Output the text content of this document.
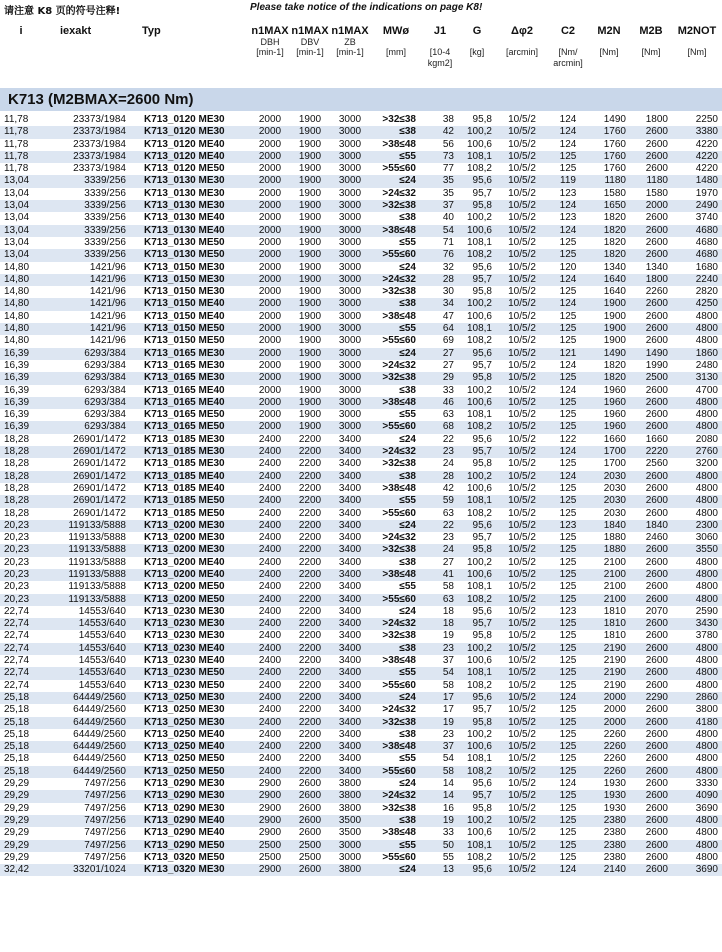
请注意 K8 页的符号注释!	Please take notice of the indications on page K8!
i

	iexakt

	Typ

	n1MAX
DBH
[min-1]

n1MAX
DBV
[min-1]

n1MAX
ZB
[min-1]

MWø

[mm]

J1

[10-4
kgm2]
G

[kg]

Δφ2

[arcmin]

C2

[Nm/
arcmin]
M2N

[Nm]

M2B

[Nm]

M2NOT

[Nm]

K713 (M2BMAX=2600 Nm)
11,78	23373/1984	K713_0120 ME30	2000	1900	3000	>32≤38	38	95,8	10/5/2	124	1490	1800	2250
11,78	23373/1984	K713_0120 ME30	2000	1900	3000	≤38	42	100,2	10/5/2	124	1760	2600	3380
11,78	23373/1984	K713_0120 ME40	2000	1900	3000	>38≤48	56	100,6	10/5/2	124	1760	2600	4220
11,78	23373/1984	K713_0120 ME40	2000	1900	3000	≤55	73	108,1	10/5/2	125	1760	2600	4220
11,78	23373/1984	K713_0120 ME50	2000	1900	3000	>55≤60	77	108,2	10/5/2	125	1760	2600	4220
13,04	3339/256	K713_0130 ME30	2000	1900	3000	≤24	35	95,6	10/5/2	119	1180	1180	1480
13,04	3339/256	K713_0130 ME30	2000	1900	3000	>24≤32	35	95,7	10/5/2	123	1580	1580	1970
13,04	3339/256	K713_0130 ME30	2000	1900	3000	>32≤38	37	95,8	10/5/2	124	1650	2000	2490
13,04	3339/256	K713_0130 ME40	2000	1900	3000	≤38	40	100,2	10/5/2	123	1820	2600	3740
13,04	3339/256	K713_0130 ME40	2000	1900	3000	>38≤48	54	100,6	10/5/2	124	1820	2600	4680
13,04	3339/256	K713_0130 ME50	2000	1900	3000	≤55	71	108,1	10/5/2	125	1820	2600	4680
13,04	3339/256	K713_0130 ME50	2000	1900	3000	>55≤60	76	108,2	10/5/2	125	1820	2600	4680
14,80	1421/96	K713_0150 ME30	2000	1900	3000	≤24	32	95,6	10/5/2	120	1340	1340	1680
14,80	1421/96	K713_0150 ME30	2000	1900	3000	>24≤32	28	95,7	10/5/2	124	1640	1800	2240
14,80	1421/96	K713_0150 ME30	2000	1900	3000	>32≤38	30	95,8	10/5/2	125	1640	2260	2820
14,80	1421/96	K713_0150 ME40	2000	1900	3000	≤38	34	100,2	10/5/2	124	1900	2600	4250
14,80	1421/96	K713_0150 ME40	2000	1900	3000	>38≤48	47	100,6	10/5/2	125	1900	2600	4800
14,80	1421/96	K713_0150 ME50	2000	1900	3000	≤55	64	108,1	10/5/2	125	1900	2600	4800
14,80	1421/96	K713_0150 ME50	2000	1900	3000	>55≤60	69	108,2	10/5/2	125	1900	2600	4800
16,39	6293/384	K713_0165 ME30	2000	1900	3000	≤24	27	95,6	10/5/2	121	1490	1490	1860
16,39	6293/384	K713_0165 ME30	2000	1900	3000	>24≤32	27	95,7	10/5/2	124	1820	1990	2480
16,39	6293/384	K713_0165 ME30	2000	1900	3000	>32≤38	29	95,8	10/5/2	125	1820	2500	3130
16,39	6293/384	K713_0165 ME40	2000	1900	3000	≤38	33	100,2	10/5/2	124	1960	2600	4700
16,39	6293/384	K713_0165 ME40	2000	1900	3000	>38≤48	46	100,6	10/5/2	125	1960	2600	4800
16,39	6293/384	K713_0165 ME50	2000	1900	3000	≤55	63	108,1	10/5/2	125	1960	2600	4800
16,39	6293/384	K713_0165 ME50	2000	1900	3000	>55≤60	68	108,2	10/5/2	125	1960	2600	4800
18,28	26901/1472	K713_0185 ME30	2400	2200	3400	≤24	22	95,6	10/5/2	122	1660	1660	2080
18,28	26901/1472	K713_0185 ME30	2400	2200	3400	>24≤32	23	95,7	10/5/2	124	1700	2220	2760
18,28	26901/1472	K713_0185 ME30	2400	2200	3400	>32≤38	24	95,8	10/5/2	125	1700	2560	3200
18,28	26901/1472	K713_0185 ME40	2400	2200	3400	≤38	28	100,2	10/5/2	124	2030	2600	4800
18,28	26901/1472	K713_0185 ME40	2400	2200	3400	>38≤48	42	100,6	10/5/2	125	2030	2600	4800
18,28	26901/1472	K713_0185 ME50	2400	2200	3400	≤55	59	108,1	10/5/2	125	2030	2600	4800
18,28	26901/1472	K713_0185 ME50	2400	2200	3400	>55≤60	63	108,2	10/5/2	125	2030	2600	4800
20,23	119133/5888	K713_0200 ME30	2400	2200	3400	≤24	22	95,6	10/5/2	123	1840	1840	2300
20,23	119133/5888	K713_0200 ME30	2400	2200	3400	>24≤32	23	95,7	10/5/2	125	1880	2460	3060
20,23	119133/5888	K713_0200 ME30	2400	2200	3400	>32≤38	24	95,8	10/5/2	125	1880	2600	3550
20,23	119133/5888	K713_0200 ME40	2400	2200	3400	≤38	27	100,2	10/5/2	125	2100	2600	4800
20,23	119133/5888	K713_0200 ME40	2400	2200	3400	>38≤48	41	100,6	10/5/2	125	2100	2600	4800
20,23	119133/5888	K713_0200 ME50	2400	2200	3400	≤55	58	108,1	10/5/2	125	2100	2600	4800
20,23	119133/5888	K713_0200 ME50	2400	2200	3400	>55≤60	63	108,2	10/5/2	125	2100	2600	4800
22,74	14553/640	K713_0230 ME30	2400	2200	3400	≤24	18	95,6	10/5/2	123	1810	2070	2590
22,74	14553/640	K713_0230 ME30	2400	2200	3400	>24≤32	18	95,7	10/5/2	125	1810	2600	3430
22,74	14553/640	K713_0230 ME30	2400	2200	3400	>32≤38	19	95,8	10/5/2	125	1810	2600	3780
22,74	14553/640	K713_0230 ME40	2400	2200	3400	≤38	23	100,2	10/5/2	125	2190	2600	4800
22,74	14553/640	K713_0230 ME40	2400	2200	3400	>38≤48	37	100,6	10/5/2	125	2190	2600	4800
22,74	14553/640	K713_0230 ME50	2400	2200	3400	≤55	54	108,1	10/5/2	125	2190	2600	4800
22,74	14553/640	K713_0230 ME50	2400	2200	3400	>55≤60	58	108,2	10/5/2	125	2190	2600	4800
25,18	64449/2560	K713_0250 ME30	2400	2200	3400	≤24	17	95,6	10/5/2	124	2000	2290	2860
25,18	64449/2560	K713_0250 ME30	2400	2200	3400	>24≤32	17	95,7	10/5/2	125	2000	2600	3800
25,18	64449/2560	K713_0250 ME30	2400	2200	3400	>32≤38	19	95,8	10/5/2	125	2000	2600	4180
25,18	64449/2560	K713_0250 ME40	2400	2200	3400	≤38	23	100,2	10/5/2	125	2260	2600	4800
25,18	64449/2560	K713_0250 ME40	2400	2200	3400	>38≤48	37	100,6	10/5/2	125	2260	2600	4800
25,18	64449/2560	K713_0250 ME50	2400	2200	3400	≤55	54	108,1	10/5/2	125	2260	2600	4800
25,18	64449/2560	K713_0250 ME50	2400	2200	3400	>55≤60	58	108,2	10/5/2	125	2260	2600	4800
29,29	7497/256	K713_0290 ME30	2900	2600	3800	≤24	14	95,6	10/5/2	124	1930	2600	3330
29,29	7497/256	K713_0290 ME30	2900	2600	3800	>24≤32	14	95,7	10/5/2	125	1930	2600	4090
29,29	7497/256	K713_0290 ME30	2900	2600	3800	>32≤38	16	95,8	10/5/2	125	1930	2600	3690
29,29	7497/256	K713_0290 ME40	2900	2600	3500	≤38	19	100,2	10/5/2	125	2380	2600	4800
29,29	7497/256	K713_0290 ME40	2900	2600	3500	>38≤48	33	100,6	10/5/2	125	2380	2600	4800
29,29	7497/256	K713_0290 ME50	2500	2500	3000	≤55	50	108,1	10/5/2	125	2380	2600	4800
29,29	7497/256	K713_0320 ME50	2500	2500	3000	>55≤60	55	108,2	10/5/2	125	2380	2600	4800
32,42	33201/1024	K713_0320 ME30	2900	2600	3800	≤24	13	95,6	10/5/2	124	2140	2600	3690
